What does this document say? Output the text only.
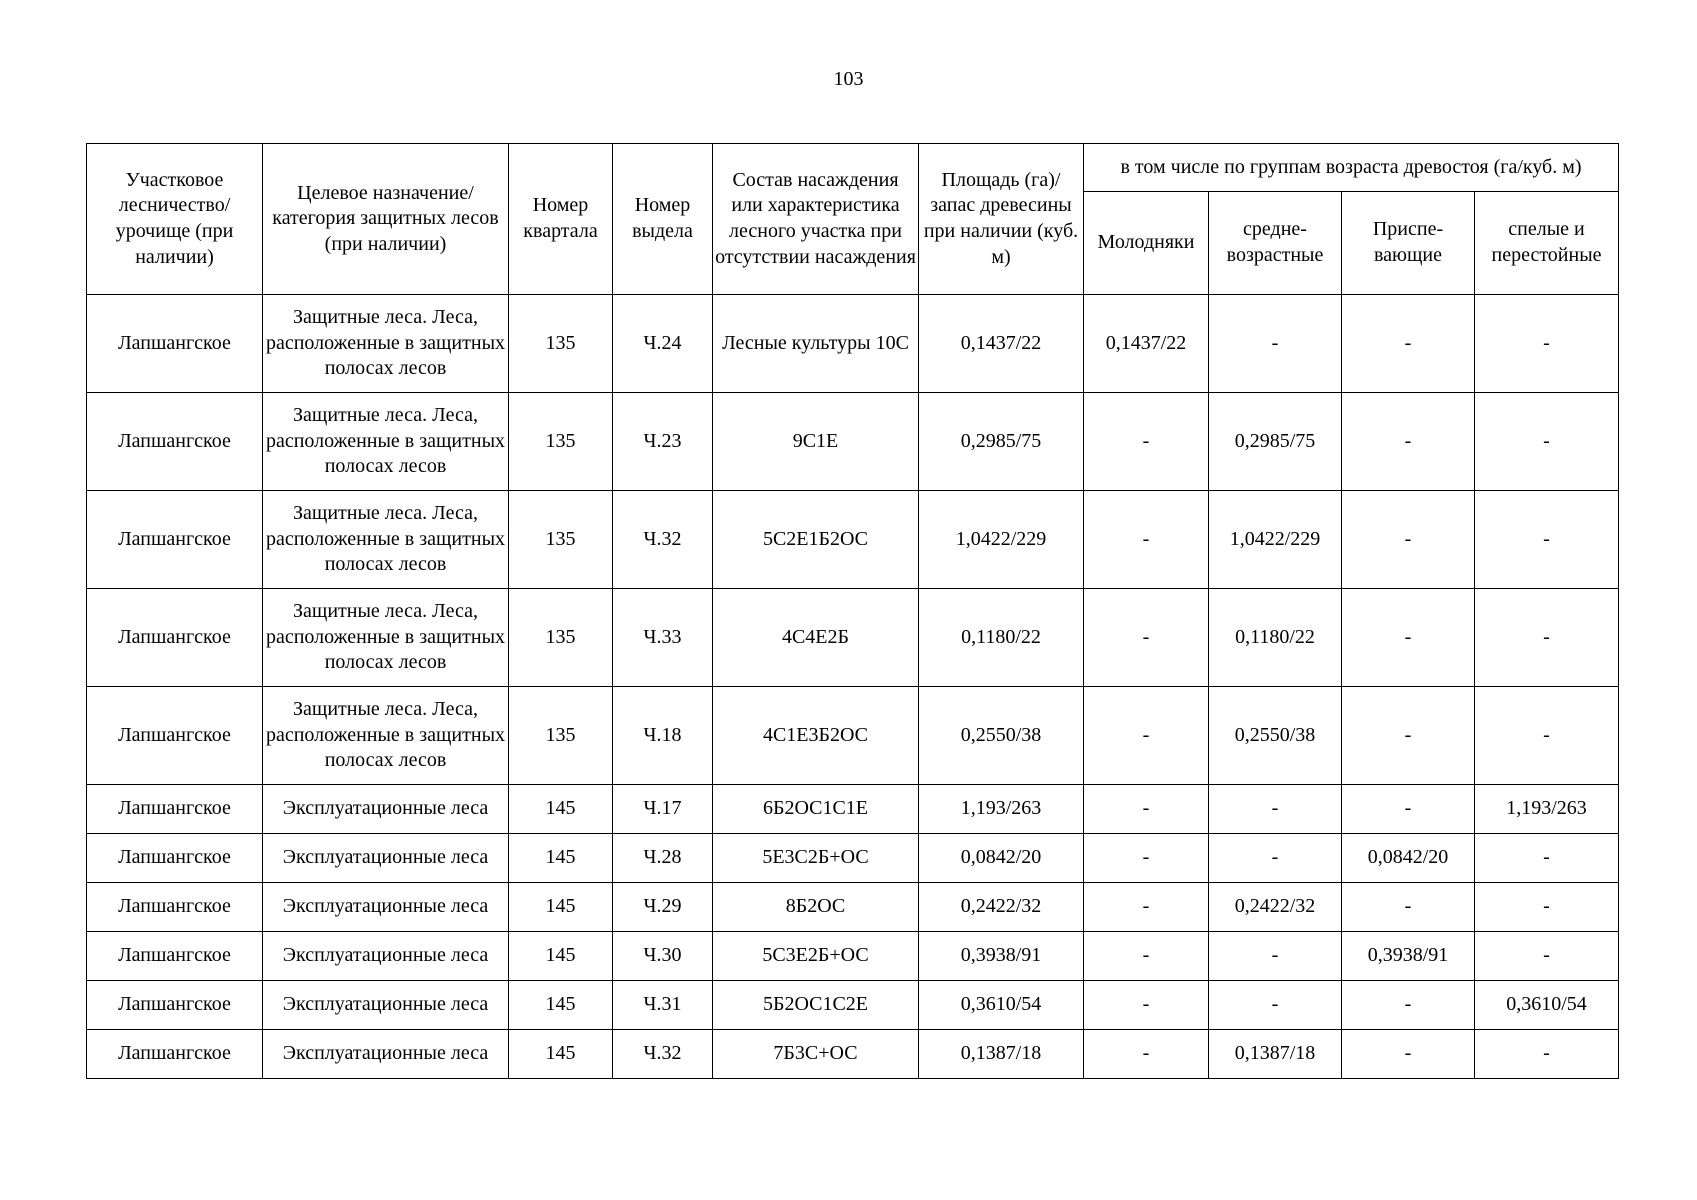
103
Участковое лесничество/ урочище (при наличии)	Целевое назначение/ категория защитных лесов (при наличии)	Номер квартала	Номер выдела	Состав насаждения или характеристика лесного участка при отсутствии насаждения	Площадь (га)/ запас древесины при наличии (куб. м)	в том числе по группам возраста древостоя (га/куб. м)			
						Молодняки	средне-возрастные	Приспе-вающие	спелые и перестойные
Лапшангское	Защитные леса. Леса, расположенные в защитных полосах лесов	135	Ч.24	Лесные культуры 10С	0,1437/22	0,1437/22	-	-	-
Лапшангское	Защитные леса. Леса, расположенные в защитных полосах лесов	135	Ч.23	9С1Е	0,2985/75	-	0,2985/75	-	-
Лапшангское	Защитные леса. Леса, расположенные в защитных полосах лесов	135	Ч.32	5С2Е1Б2ОС	1,0422/229	-	1,0422/229	-	-
Лапшангское	Защитные леса. Леса, расположенные в защитных полосах лесов	135	Ч.33	4С4Е2Б	0,1180/22	-	0,1180/22	-	-
Лапшангское	Защитные леса. Леса, расположенные в защитных полосах лесов	135	Ч.18	4С1Е3Б2ОС	0,2550/38	-	0,2550/38	-	-
Лапшангское	Эксплуатационные леса	145	Ч.17	6Б2ОС1С1Е	1,193/263	-	-	-	1,193/263
Лапшангское	Эксплуатационные леса	145	Ч.28	5Е3С2Б+ОС	0,0842/20	-	-	0,0842/20	-
Лапшангское	Эксплуатационные леса	145	Ч.29	8Б2ОС	0,2422/32	-	0,2422/32	-	-
Лапшангское	Эксплуатационные леса	145	Ч.30	5С3Е2Б+ОС	0,3938/91	-	-	0,3938/91	-
Лапшангское	Эксплуатационные леса	145	Ч.31	5Б2ОС1С2Е	0,3610/54	-	-	-	0,3610/54
Лапшангское	Эксплуатационные леса	145	Ч.32	7Б3С+ОС	0,1387/18	-	0,1387/18	-	-
